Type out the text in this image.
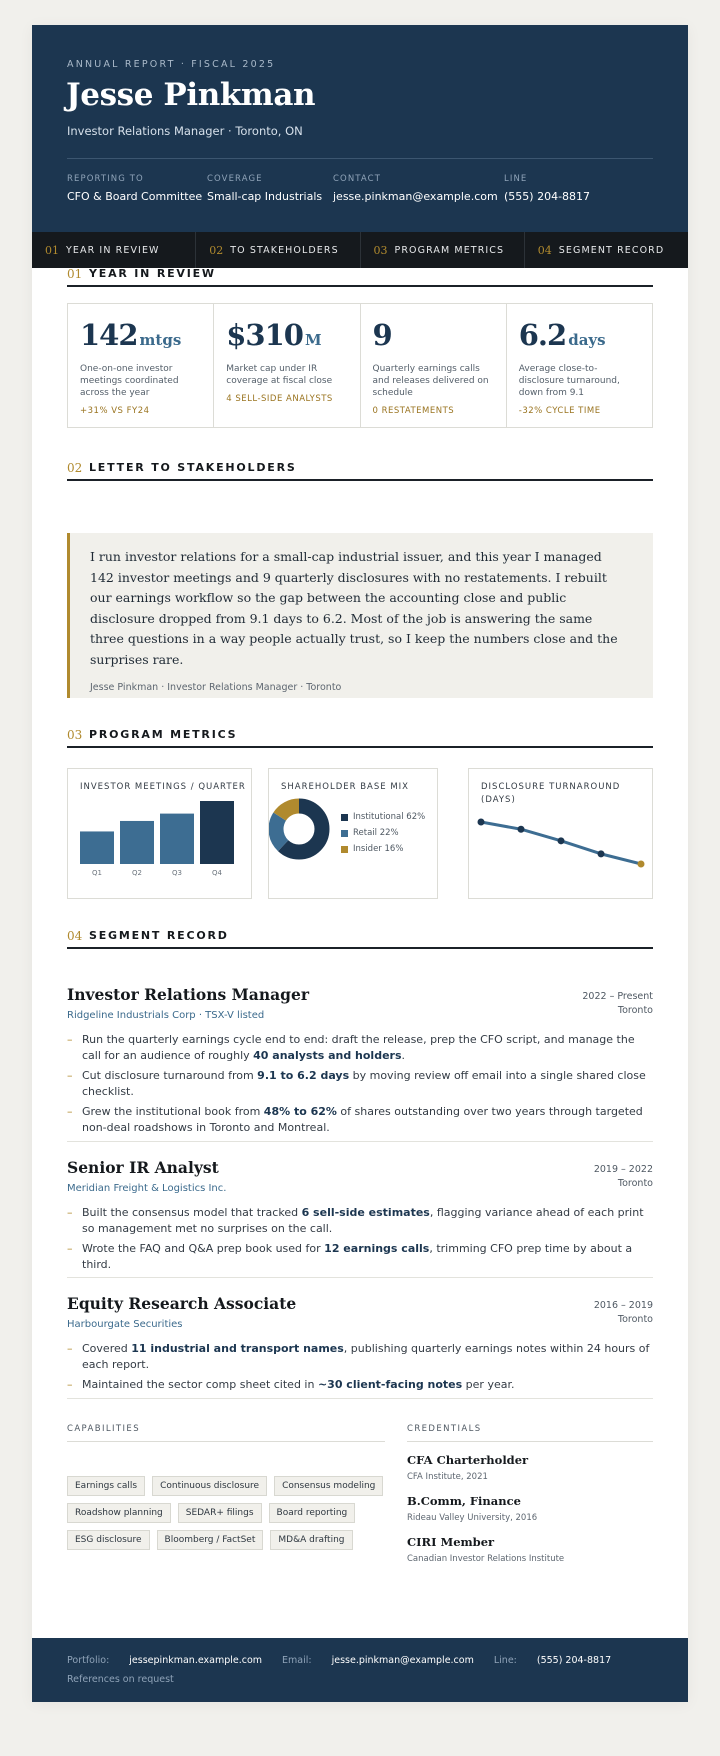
ANNUAL REPORT · FISCAL 2025
Jesse Pinkman
Investor Relations Manager · Toronto, ON
REPORTING TO
CFO & Board Committee
COVERAGE
Small-cap Industrials
CONTACT
jesse.pinkman@example.com
LINE
(555) 204-8817
01 YEAR IN REVIEW	02 TO STAKEHOLDERS	03 PROGRAM METRICS	04 SEGMENT RECORD
01 YEAR IN REVIEW
142 mtgs
One-on-one investor meetings coordinated across the year
+31% VS FY24
$310 M
Market cap under IR coverage at fiscal close
4 SELL-SIDE ANALYSTS
9
Quarterly earnings calls and releases delivered on schedule
0 RESTATEMENTS
6.2 days
Average close-to-disclosure turnaround, down from 9.1
-32% CYCLE TIME
02 LETTER TO STAKEHOLDERS
I run investor relations for a small-cap industrial issuer, and this year I managed 142 investor meetings and 9 quarterly disclosures with no restatements. I rebuilt our earnings workflow so the gap between the accounting close and public disclosure dropped from 9.1 days to 6.2. Most of the job is answering the same three questions in a way people actually trust, so I keep the numbers close and the surprises rare.
Jesse Pinkman · Investor Relations Manager · Toronto
03 PROGRAM METRICS
INVESTOR MEETINGS / QUARTER
Q1	Q2	Q3	Q4
SHAREHOLDER BASE MIX
Institutional 62%
Retail 22%
Insider 16%
DISCLOSURE TURNAROUND (DAYS)
04 SEGMENT RECORD
Investor Relations Manager
Ridgeline Industrials Corp · TSX-V listed
2022 – Present
Toronto
– Run the quarterly earnings cycle end to end: draft the release, prep the CFO script, and manage the call for an audience of roughly 40 analysts and holders.
– Cut disclosure turnaround from 9.1 to 6.2 days by moving review off email into a single shared close checklist.
– Grew the institutional book from 48% to 62% of shares outstanding over two years through targeted non-deal roadshows in Toronto and Montreal.
Senior IR Analyst
Meridian Freight & Logistics Inc.
2019 – 2022
Toronto
– Built the consensus model that tracked 6 sell-side estimates, flagging variance ahead of each print so management met no surprises on the call.
– Wrote the FAQ and Q&A prep book used for 12 earnings calls, trimming CFO prep time by about a third.
Equity Research Associate
Harbourgate Securities
2016 – 2019
Toronto
– Covered 11 industrial and transport names, publishing quarterly earnings notes within 24 hours of each report.
– Maintained the sector comp sheet cited in ~30 client-facing notes per year.
CAPABILITIES
Earnings calls	Continuous disclosure	Consensus modeling
Roadshow planning	SEDAR+ filings	Board reporting
ESG disclosure	Bloomberg / FactSet	MD&A drafting
CREDENTIALS
CFA Charterholder
CFA Institute, 2021
B.Comm, Finance
Rideau Valley University, 2016
CIRI Member
Canadian Investor Relations Institute
Portfolio: jessepinkman.example.com Email: jesse.pinkman@example.com Line: (555) 204-8817
References on request
